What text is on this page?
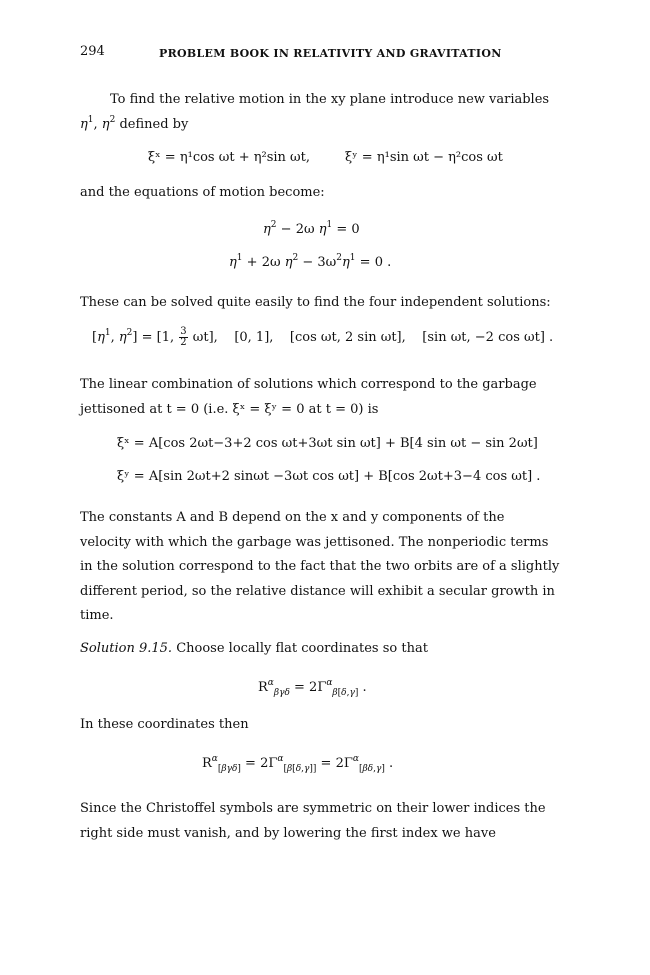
294	PROBLEM BOOK IN RELATIVITY AND GRAVITATION
To find the relative motion in the xy plane introduce new variables
$\eta^1$, $\eta^2$ defined by
ξˣ = η¹cos ωt + η²sin ωt,	ξʸ = η¹sin ωt − η²cos ωt
and the equations of motion become:
$\eta^2 - 2\omega$ $\eta^1 = 0$
$\eta^1 + 2\omega$ $\eta^2 - 3\omega^2\eta^1 = 0$ .
These can be solved quite easily to find the four independent solutions:
[$\eta^1$, $\eta^2] = [1$, $\frac{3}{2} \omega t$],    [0, 1],    [cos ωt, 2 sin ωt],    [sin ωt, −2 cos ωt] .
The linear combination of solutions which correspond to the garbage
jettisoned at t = 0 (i.e. ξˣ = ξʸ = 0 at t = 0) is
ξˣ = A[cos 2ωt−3+2 cos ωt+3ωt sin ωt] + B[4 sin ωt − sin 2ωt]
ξʸ = A[sin 2ωt+2 sinωt −3ωt cos ωt] + B[cos 2ωt+3−4 cos ωt] .
The constants A and B depend on the x and y components of the
velocity with which the garbage was jettisoned. The nonperiodic terms
in the solution correspond to the fact that the two orbits are of a slightly
different period, so the relative distance will exhibit a secular growth in
time.
Solution 9.15. Choose locally flat coordinates so that
$R^\alpha_{\beta\gamma\delta} = 2\Gamma^\alpha_{\beta[\delta,\gamma]}$ .
In these coordinates then
$R^\alpha_{[\beta\gamma\delta]} = 2\Gamma^\alpha_{[\beta[\delta,\gamma]]} = 2\Gamma^\alpha_{[\beta\delta,\gamma]}$ .
Since the Christoffel symbols are symmetric on their lower indices the
right side must vanish, and by lowering the first index we have
